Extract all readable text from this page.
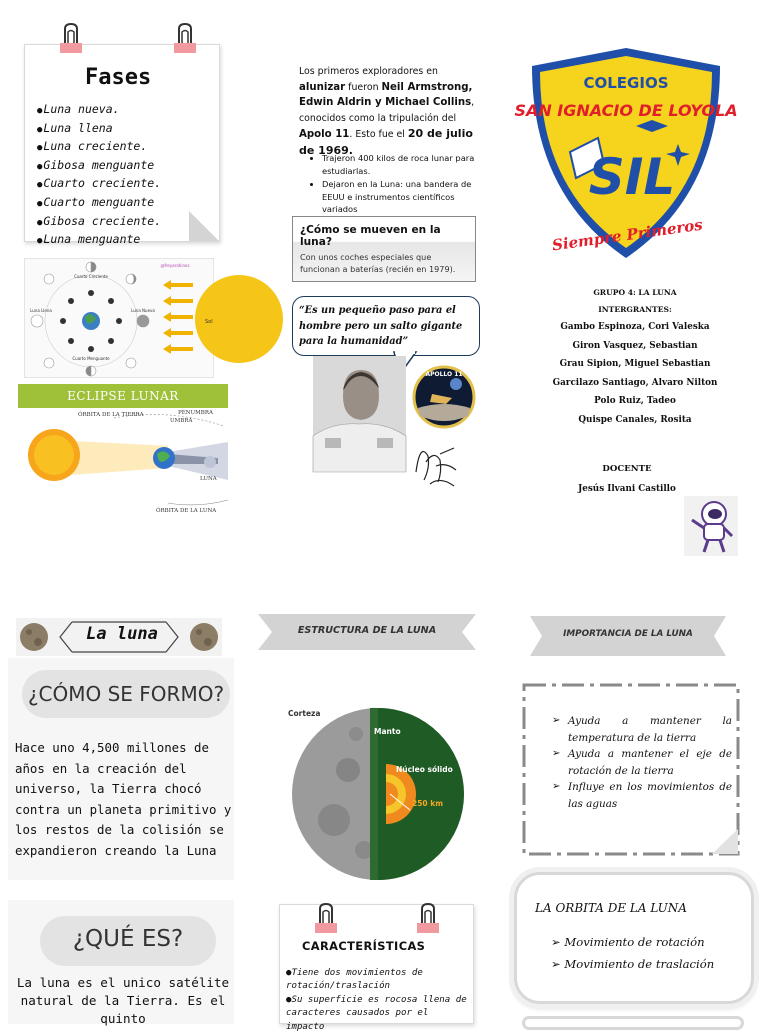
Fases
● Luna nueva.
● Luna llena
● Luna creciente.
● Gibosa menguante
● Cuarto creciente.
● Cuarto menguante
● Gibosa creciente.
● Luna menguante
Cuarto Creciente
Luna Llena	Luna Nueva
Cuarto Menguante
@freyarahinos
Sol
ECLIPSE LUNAR
ÓRBITA DE LA TIERRA	PENUMBRA
UMBRA
LUNA
ÓRBITA DE LA LUNA
Los primeros exploradores en alunizar fueron Neil Armstrong, Edwin Aldrin y Michael Collins, conocidos como la tripulación del Apolo 11. Esto fue el 20 de julio de 1969.
• Trajeron 400 kilos de roca lunar para estudiarlas.
• Dejaron en la Luna: una bandera de EEUU e instrumentos científicos variados
¿Cómo se mueven en la luna?
Con unos coches especiales que funcionan a baterías (recién en 1979).
“Es un pequeño paso para el hombre pero un salto gigante para la humanidad”
APOLLO 11
COLEGIOS
SAN IGNACIO DE LOYOLA
SIL
Siempre Primeros
GRUPO 4: LA LUNA
INTERGRANTES:
Gambo Espinoza, Cori Valeska
Giron Vasquez, Sebastian
Grau Sipion, Miguel Sebastian
Garcilazo Santiago, Alvaro Nilton
Polo Ruiz, Tadeo
Quispe Canales, Rosita
DOCENTE
Jesús Ilvani Castillo
La luna
¿CÓMO SE FORMO?
Hace uno 4,500 millones de años en la creación del universo, la Tierra chocó contra un planeta primitivo y los restos de la colisión se expandieron creando la Luna
¿QUÉ ES?
La luna es el unico satélite natural de la Tierra. Es el quinto
ESTRUCTURA DE LA LUNA	IMPORTANCIA DE LA LUNA
Corteza
Manto
Núcleo sólido
250 km
CARACTERÍSTICAS
●Tiene dos movimientos de rotación/traslación
●Su superficie es rocosa llena de caracteres causados por el impacto
➢ Ayuda a mantener la temperatura de la tierra
➢ Ayuda a mantener el eje de rotación de la tierra
➢ Influye en los movimientos de las aguas
LA ORBITA DE LA LUNA
➢ Movimiento de rotación
➢ Movimiento de traslación
